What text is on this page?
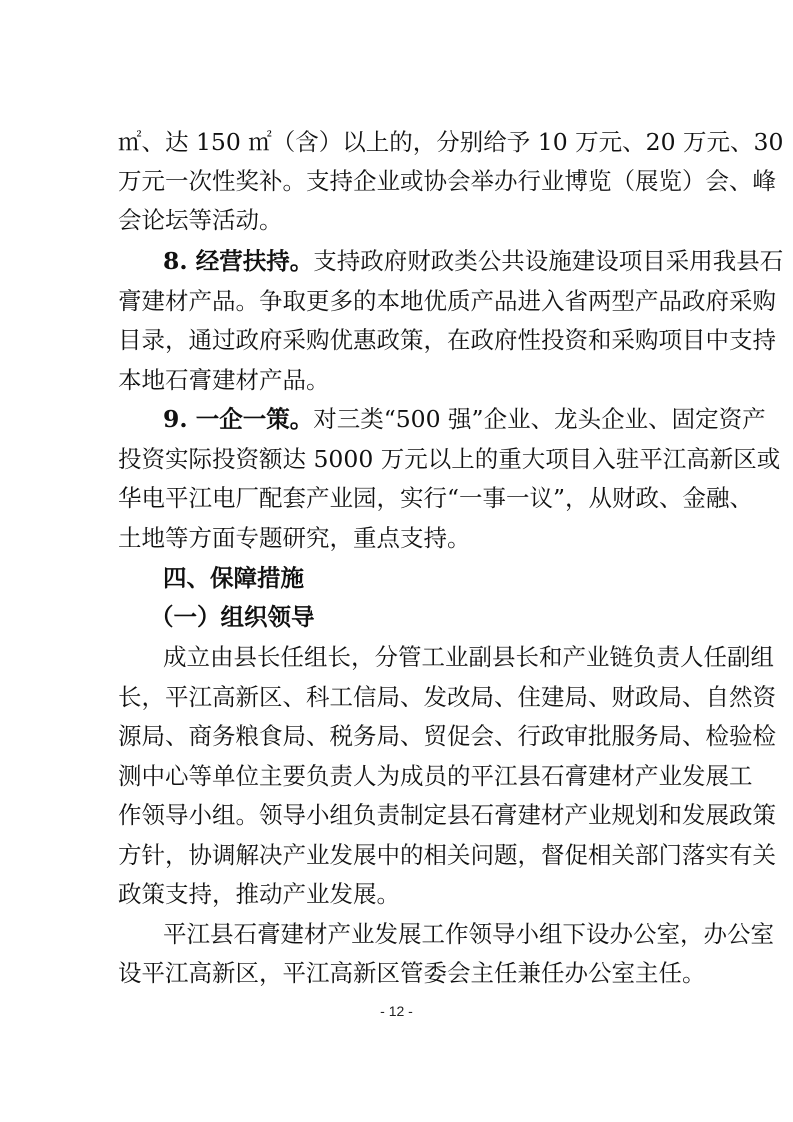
㎡、达 150 ㎡（含）以上的，分别给予 10 万元、20 万元、30
万元一次性奖补。支持企业或协会举办行业博览（展览）会、峰
会论坛等活动。
8. 经营扶持。支持政府财政类公共设施建设项目采用我县石
膏建材产品。争取更多的本地优质产品进入省两型产品政府采购
目录，通过政府采购优惠政策，在政府性投资和采购项目中支持
本地石膏建材产品。
9. 一企一策。对三类“500 强”企业、龙头企业、固定资产
投资实际投资额达 5000 万元以上的重大项目入驻平江高新区或
华电平江电厂配套产业园，实行“一事一议”，从财政、金融、
土地等方面专题研究，重点支持。
四、保障措施
（一）组织领导
成立由县长任组长，分管工业副县长和产业链负责人任副组
长，平江高新区、科工信局、发改局、住建局、财政局、自然资
源局、商务粮食局、税务局、贸促会、行政审批服务局、检验检
测中心等单位主要负责人为成员的平江县石膏建材产业发展工
作领导小组。领导小组负责制定县石膏建材产业规划和发展政策
方针，协调解决产业发展中的相关问题，督促相关部门落实有关
政策支持，推动产业发展。
平江县石膏建材产业发展工作领导小组下设办公室，办公室
设平江高新区，平江高新区管委会主任兼任办公室主任。
- 12 -
